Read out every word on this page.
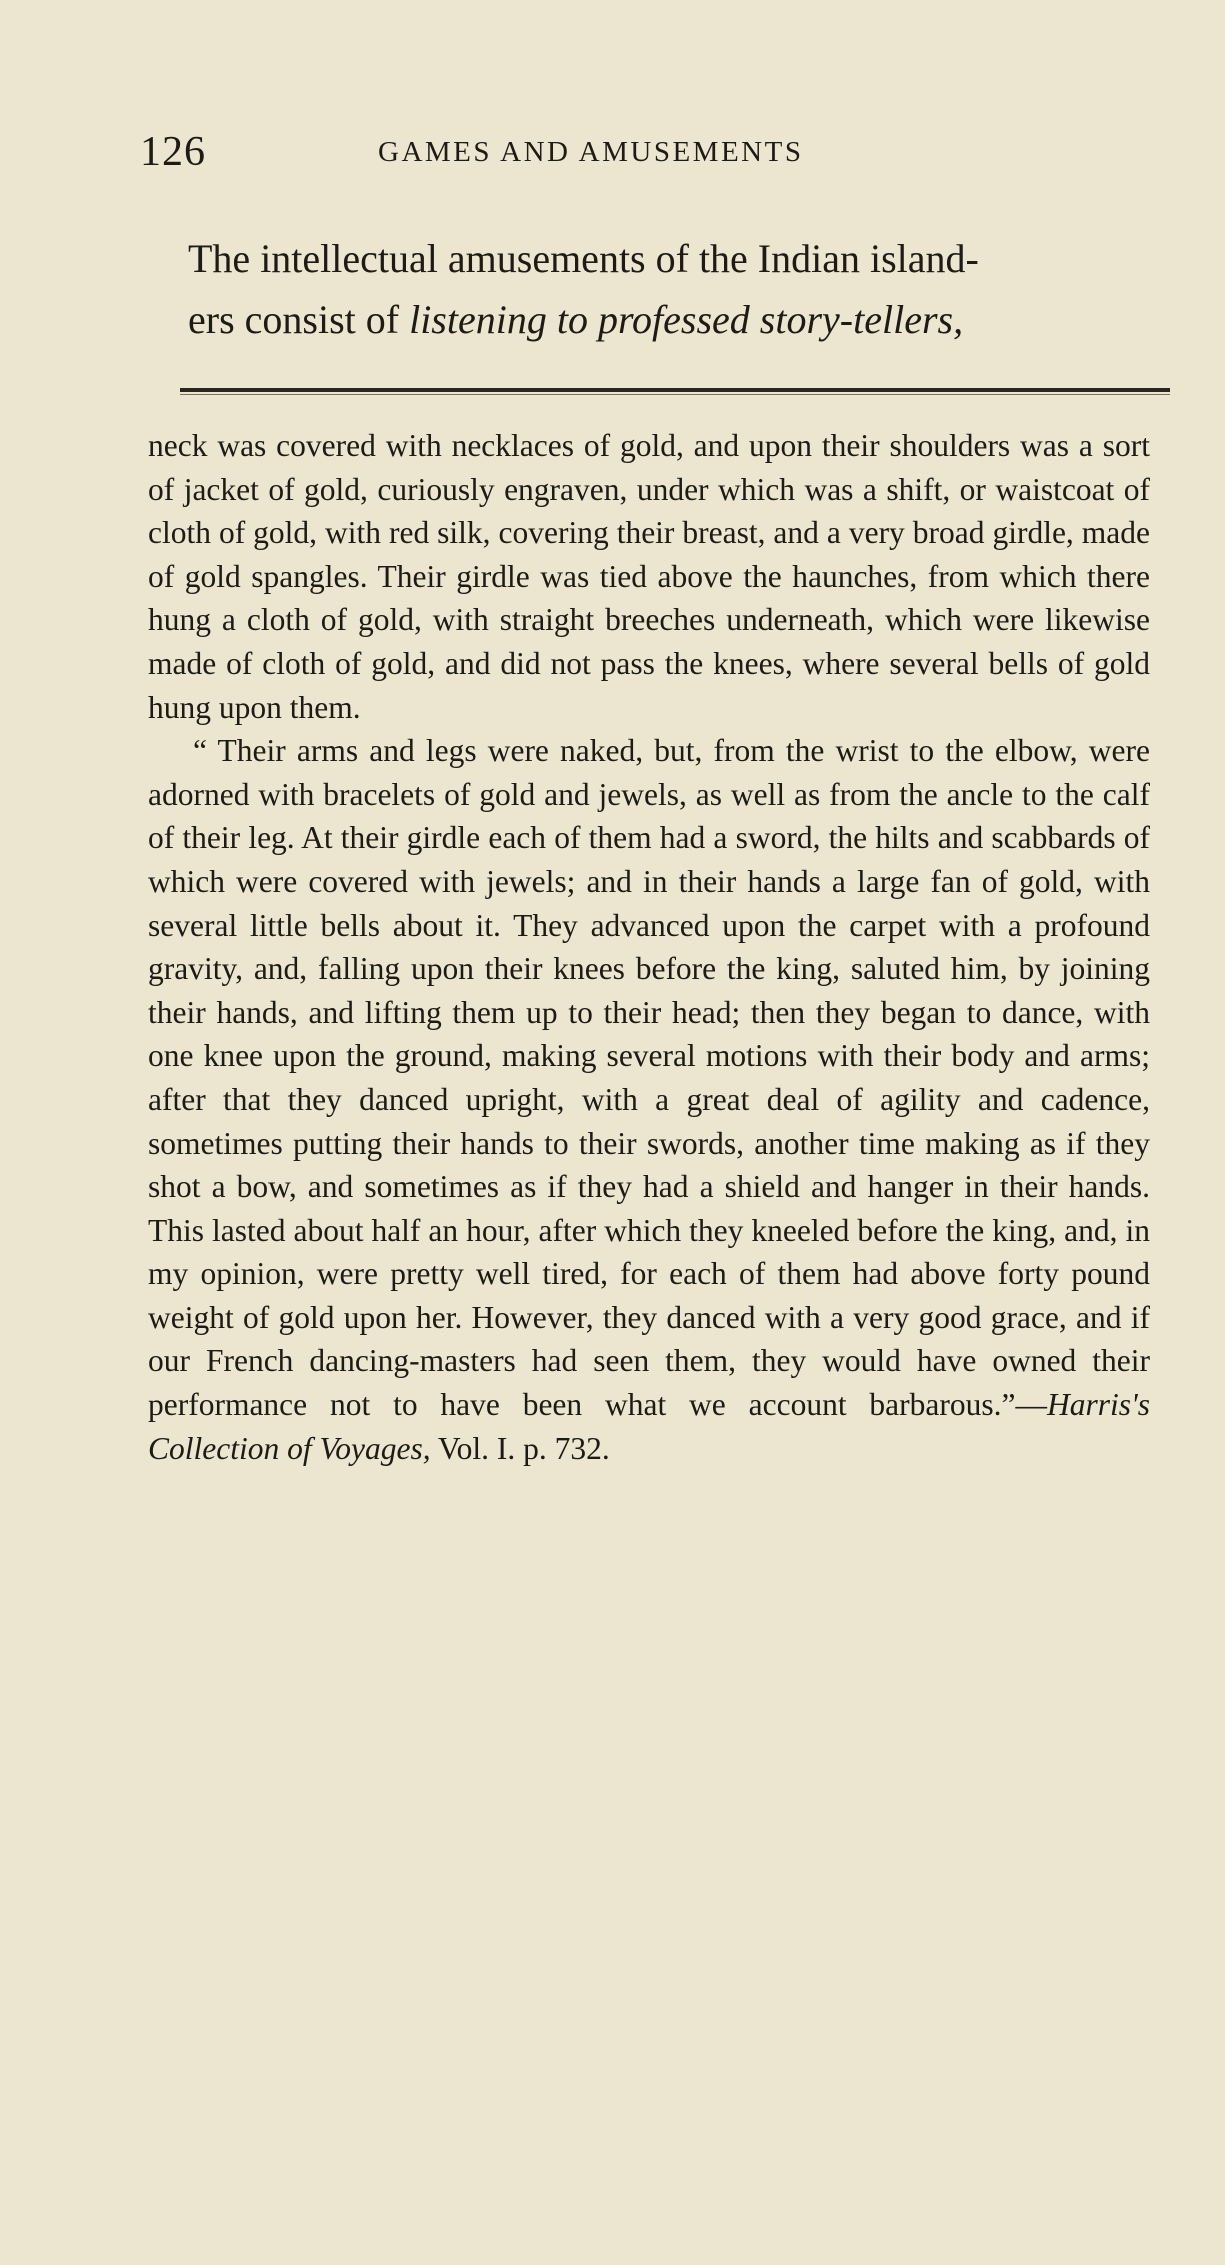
126	GAMES AND AMUSEMENTS

The intellectual amusements of the Indian island-

ers consist of listening to professed story-tellers,

neck was covered with necklaces of gold, and upon their shoulders was a sort of jacket of gold, curiously engraven, under which was a shift, or waistcoat of cloth of gold, with red silk, covering their breast, and a very broad girdle, made of gold spangles. Their girdle was tied above the haunches, from which there hung a cloth of gold, with straight breeches underneath, which were likewise made of cloth of gold, and did not pass the knees, where several bells of gold hung upon them.

“ Their arms and legs were naked, but, from the wrist to the elbow, were adorned with bracelets of gold and jewels, as well as from the ancle to the calf of their leg. At their girdle each of them had a sword, the hilts and scabbards of which were covered with jewels; and in their hands a large fan of gold, with several little bells about it. They advanced upon the carpet with a profound gravity, and, falling upon their knees before the king, saluted him, by joining their hands, and lifting them up to their head; then they began to dance, with one knee upon the ground, making several motions with their body and arms; after that they danced upright, with a great deal of agility and cadence, sometimes putting their hands to their swords, another time making as if they shot a bow, and sometimes as if they had a shield and hanger in their hands. This lasted about half an hour, after which they kneeled before the king, and, in my opinion, were pretty well tired, for each of them had above forty pound weight of gold upon her. However, they danced with a very good grace, and if our French dancing-masters had seen them, they would have owned their performance not to have been what we account barbarous.”—Harris's Collection of Voyages, Vol. I. p. 732.
